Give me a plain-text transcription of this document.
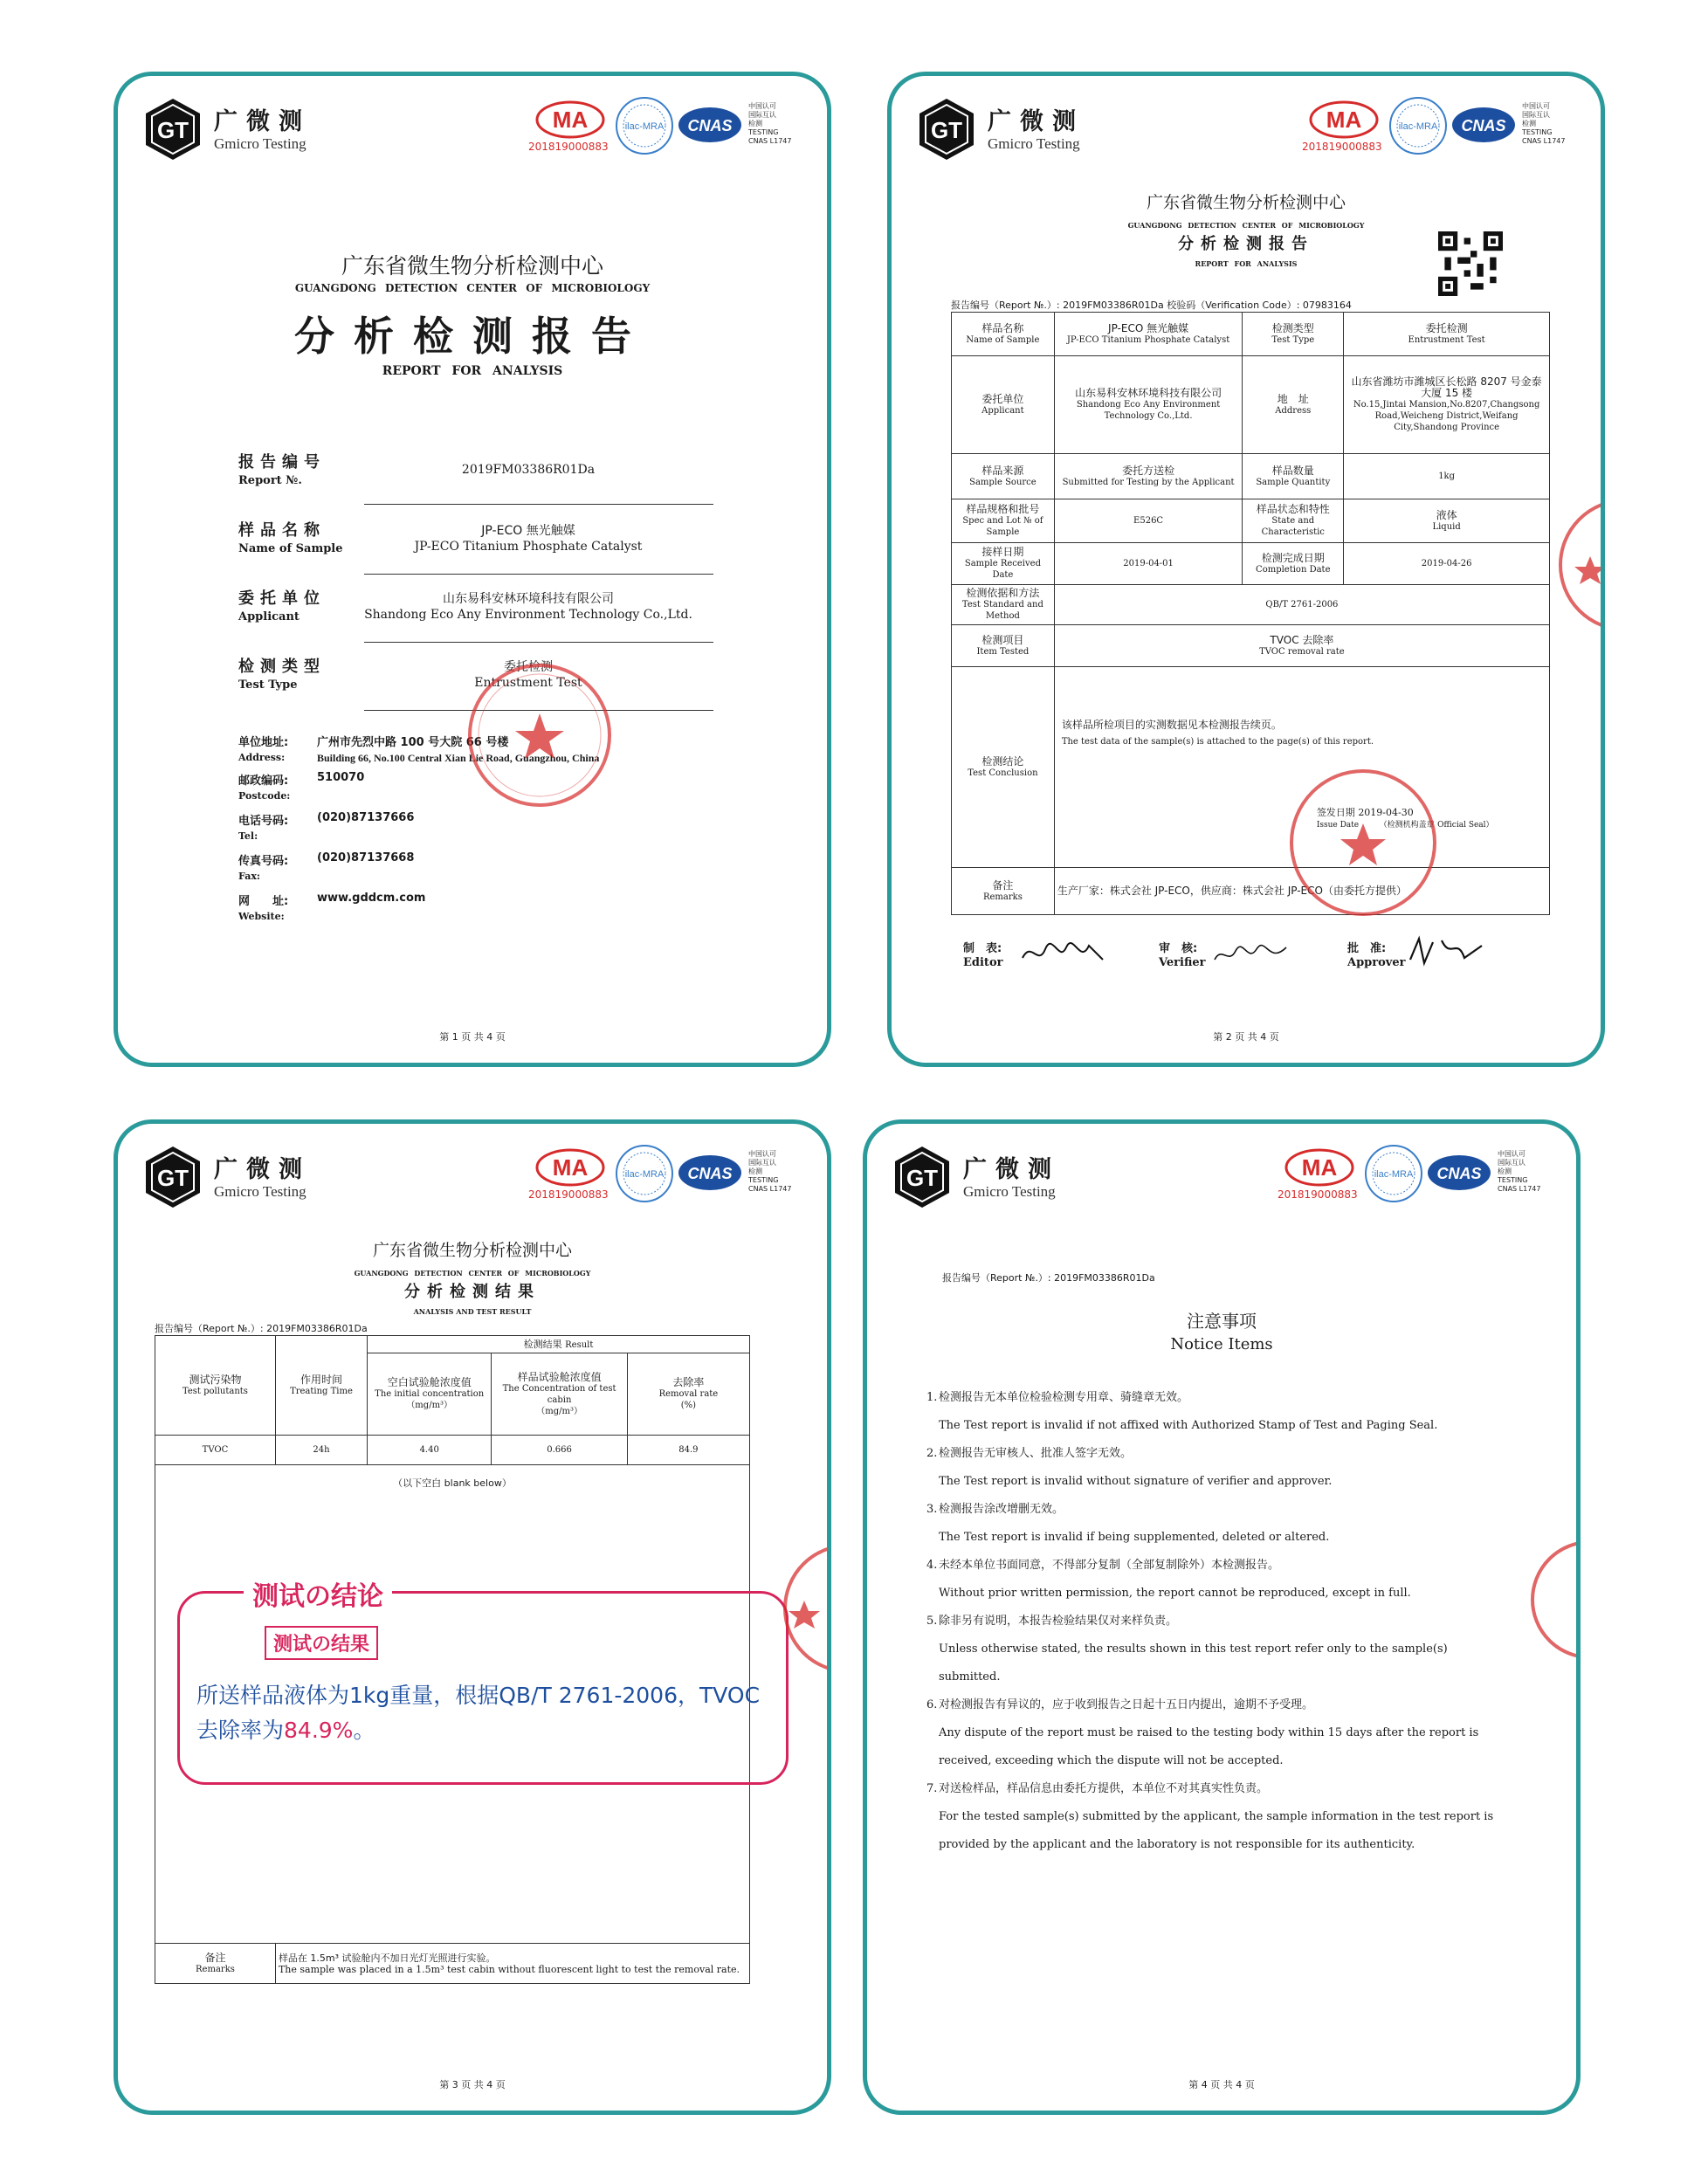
GT 广微测
Gmicro Testing
MA
201819000883
ilac-MRA CNAS
中国认可
国际互认
检测
TESTING
CNAS L1747
广东省微生物分析检测中心
GUANGDONG DETECTION CENTER OF MICROBIOLOGY
分析检测报告
REPORT FOR ANALYSIS
报告编号
Report №.
2019FM03386R01Da
样品名称
Name of Sample
JP-ECO 無光触媒
JP-ECO Titanium Phosphate Catalyst
委托单位
Applicant
山东易科安林环境科技有限公司
Shandong Eco Any Environment Technology Co.,Ltd.
检测类型
Test Type
委托检测
Entrustment Test
单位地址:
Address:
广州市先烈中路 100 号大院 66 号楼
Building 66, No.100 Central Xian Lie Road, Guangzhou, China
邮政编码:
Postcode:
510070
电话号码:
Tel:
(020)87137666
传真号码:
Fax:
(020)87137668
网　　址:
Website:
www.gddcm.com
第 1 页 共 4 页
GT 广微测
Gmicro Testing
MA
201819000883
ilac-MRA CNAS
中国认可
国际互认
检测
TESTING
CNAS L1747
广东省微生物分析检测中心
GUANGDONG DETECTION CENTER OF MICROBIOLOGY
分析检测报告
REPORT FOR ANALYSIS
报告编号（Report №.）: 2019FM03386R01Da 校验码（Verification Code）: 07983164
样品名称
Name of Sample	JP-ECO 無光触媒
JP-ECO Titanium Phosphate Catalyst	检测类型
Test Type	委托检测
Entrustment Test

委托单位
Applicant	山东易科安林环境科技有限公司
Shandong Eco Any Environment Technology Co.,Ltd.	地　址
Address	山东省潍坊市潍城区长松路 8207 号金泰大厦 15 楼
No.15,Jintai Mansion,No.8207,Changsong Road,Weicheng District,Weifang City,Shandong Province

样品来源
Sample Source	委托方送检
Submitted for Testing by the Applicant	样品数量
Sample Quantity	1kg

样品规格和批号
Spec and Lot № of Sample	E526C	样品状态和特性
State and Characteristic	液体
Liquid

接样日期
Sample Received Date	2019-04-01	检测完成日期
Completion Date	2019-04-26

检测依据和方法
Test Standard and Method	QB/T 2761-2006		

检测项目
Item Tested	TVOC 去除率
TVOC removal rate		

检测结论
Test Conclusion	该样品所检项目的实测数据见本检测报告续页。
The test data of the sample(s) is attached to the page(s) of this report.
签发日期 2019-04-30
Issue Date （检测机构盖章 Official Seal）		

备注
Remarks	生产厂家：株式会社 JP-ECO，供应商：株式会社 JP-ECO（由委托方提供）		
制　表:
Editor
审　核:
Verifier
批　准:
Approver
第 2 页 共 4 页
GT 广微测
Gmicro Testing
MA
201819000883
ilac-MRA CNAS
中国认可
国际互认
检测
TESTING
CNAS L1747
广东省微生物分析检测中心
GUANGDONG DETECTION CENTER OF MICROBIOLOGY
分析检测结果
ANALYSIS AND TEST RESULT
报告编号（Report №.）: 2019FM03386R01Da
测试污染物
Test pollutants	作用时间
Treating Time	检测结果 Result		

		空白试验舱浓度值
The initial concentration
（mg/m³）	样品试验舱浓度值
The Concentration of test cabin
（mg/m³）	去除率
Removal rate
(%)

TVOC	24h	4.40	0.666	84.9

（以下空白 blank below）				

备注
Remarks	样品在 1.5m³ 试验舱内不加日光灯光照进行实验。
The sample was placed in a 1.5m³ test cabin without fluorescent light to test the removal rate.			
测试の结论
测试の结果
所送样品液体为1kg重量，根据QB/T 2761-2006，TVOC去除率为84.9%。
第 3 页 共 4 页
GT 广微测
Gmicro Testing
MA
201819000883
ilac-MRA CNAS
中国认可
国际互认
检测
TESTING
CNAS L1747
报告编号（Report №.）: 2019FM03386R01Da
注意事项
Notice Items
1. 检测报告无本单位检验检测专用章、骑缝章无效。
The Test report is invalid if not affixed with Authorized Stamp of Test and Paging Seal.
2. 检测报告无审核人、批准人签字无效。
The Test report is invalid without signature of verifier and approver.
3. 检测报告涂改增删无效。
The Test report is invalid if being supplemented, deleted or altered.
4. 未经本单位书面同意，不得部分复制（全部复制除外）本检测报告。
Without prior written permission, the report cannot be reproduced, except in full.
5. 除非另有说明，本报告检验结果仅对来样负责。
Unless otherwise stated, the results shown in this test report refer only to the sample(s) submitted.
6. 对检测报告有异议的，应于收到报告之日起十五日内提出，逾期不予受理。
Any dispute of the report must be raised to the testing body within 15 days after the report is received, exceeding which the dispute will not be accepted.
7. 对送检样品，样品信息由委托方提供，本单位不对其真实性负责。
For the tested sample(s) submitted by the applicant, the sample information in the test report is provided by the applicant and the laboratory is not responsible for its authenticity.
第 4 页 共 4 页
